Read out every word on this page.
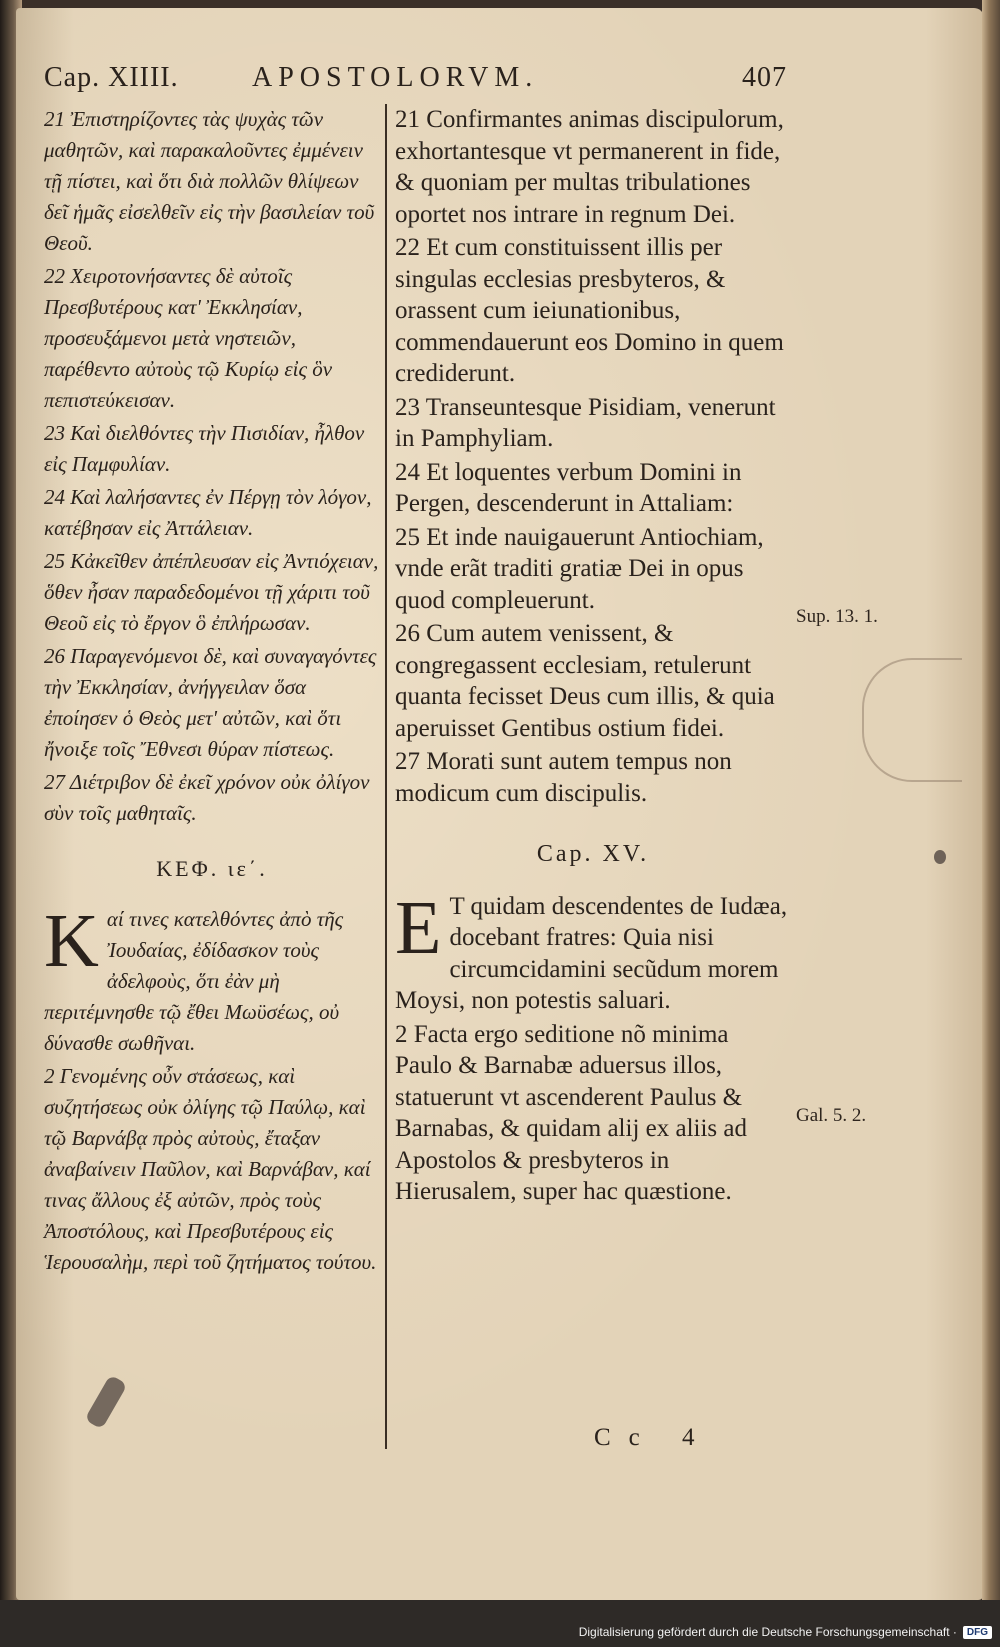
Cap. XIIII.	APOSTOLORVM.	407

21 Ἐπιστηρίζοντες τὰς ψυχὰς τῶν μαθητῶν, καὶ παρακαλοῦντες ἐμμένειν τῇ πίστει, καὶ ὅτι διὰ πολλῶν θλίψεων δεῖ ἡμᾶς εἰσελθεῖν εἰς τὴν βασιλείαν τοῦ Θεοῦ.

22 Χειροτονήσαντες δὲ αὐτοῖς Πρεσβυτέρους κατ' Ἐκκλησίαν, προσευξάμενοι μετὰ νηστειῶν, παρέθεντο αὐτοὺς τῷ Κυρίῳ εἰς ὃν πεπιστεύκεισαν.

23 Καὶ διελθόντες τὴν Πισιδίαν, ἦλθον εἰς Παμφυλίαν.

24 Καὶ λαλήσαντες ἐν Πέργῃ τὸν λόγον, κατέβησαν εἰς Ἀττάλειαν.

25 Κἀκεῖθεν ἀπέπλευσαν εἰς Ἀντιόχειαν, ὅθεν ἦσαν παραδεδομένοι τῇ χάριτι τοῦ Θεοῦ εἰς τὸ ἔργον ὃ ἐπλήρωσαν.

26 Παραγενόμενοι δὲ, καὶ συναγαγόντες τὴν Ἐκκλησίαν, ἀνήγγειλαν ὅσα ἐποίησεν ὁ Θεὸς μετ' αὐτῶν, καὶ ὅτι ἤνοιξε τοῖς Ἔθνεσι θύραν πίστεως.

27 Διέτριβον δὲ ἐκεῖ χρόνον οὐκ ὀλίγον σὺν τοῖς μαθηταῖς.

ΚΕΦ. ιε΄.

Καί τινες κατελθόντες ἀπὸ τῆς Ἰουδαίας, ἐδίδασκον τοὺς ἀδελφοὺς, ὅτι ἐὰν μὴ περιτέμνησθε τῷ ἔθει Μωϋσέως, οὐ δύνασθε σωθῆναι.

2 Γενομένης οὖν στάσεως, καὶ συζητήσεως οὐκ ὀλίγης τῷ Παύλῳ, καὶ τῷ Βαρνάβᾳ πρὸς αὐτοὺς, ἔταξαν ἀναβαίνειν Παῦλον, καὶ Βαρνάβαν, καί τινας ἄλλους ἐξ αὐτῶν, πρὸς τοὺς Ἀποστόλους, καὶ Πρεσβυτέρους εἰς Ἱερουσαλὴμ, περὶ τοῦ ζητήματος τούτου.

21 Confirmantes animas discipulorum, exhortantesque vt permanerent in fide, & quoniam per multas tribulationes oportet nos intrare in regnum Dei.

22 Et cum constituissent illis per singulas ecclesias presbyteros, & orassent cum ieiunationibus, commendauerunt eos Domino in quem crediderunt.

23 Transeuntesque Pisidiam, venerunt in Pamphyliam.

24 Et loquentes verbum Domini in Pergen, descenderunt in Attaliam:

25 Et inde nauigauerunt Antiochiam, vnde erãt traditi gratiæ Dei in opus quod compleuerunt.

26 Cum autem venissent, & congregassent ecclesiam, retulerunt quanta fecisset Deus cum illis, & quia aperuisset Gentibus ostium fidei.

27 Morati sunt autem tempus non modicum cum discipulis.

Cap. XV.

E T quidam descendentes de Iudæa, docebant fratres: Quia nisi circumcidamini secũdum morem Moysi, non potestis saluari.

2 Facta ergo seditione nõ minima Paulo & Barnabæ aduersus illos, statuerunt vt ascenderent Paulus & Barnabas, & quidam alij ex aliis ad Apostolos & presbyteros in Hierusalem, super hac quæstione.

Sup. 13. 1.
Gal. 5. 2.
Cc 4
Digitalisierung gefördert durch die Deutsche Forschungsgemeinschaft ·	DFG
